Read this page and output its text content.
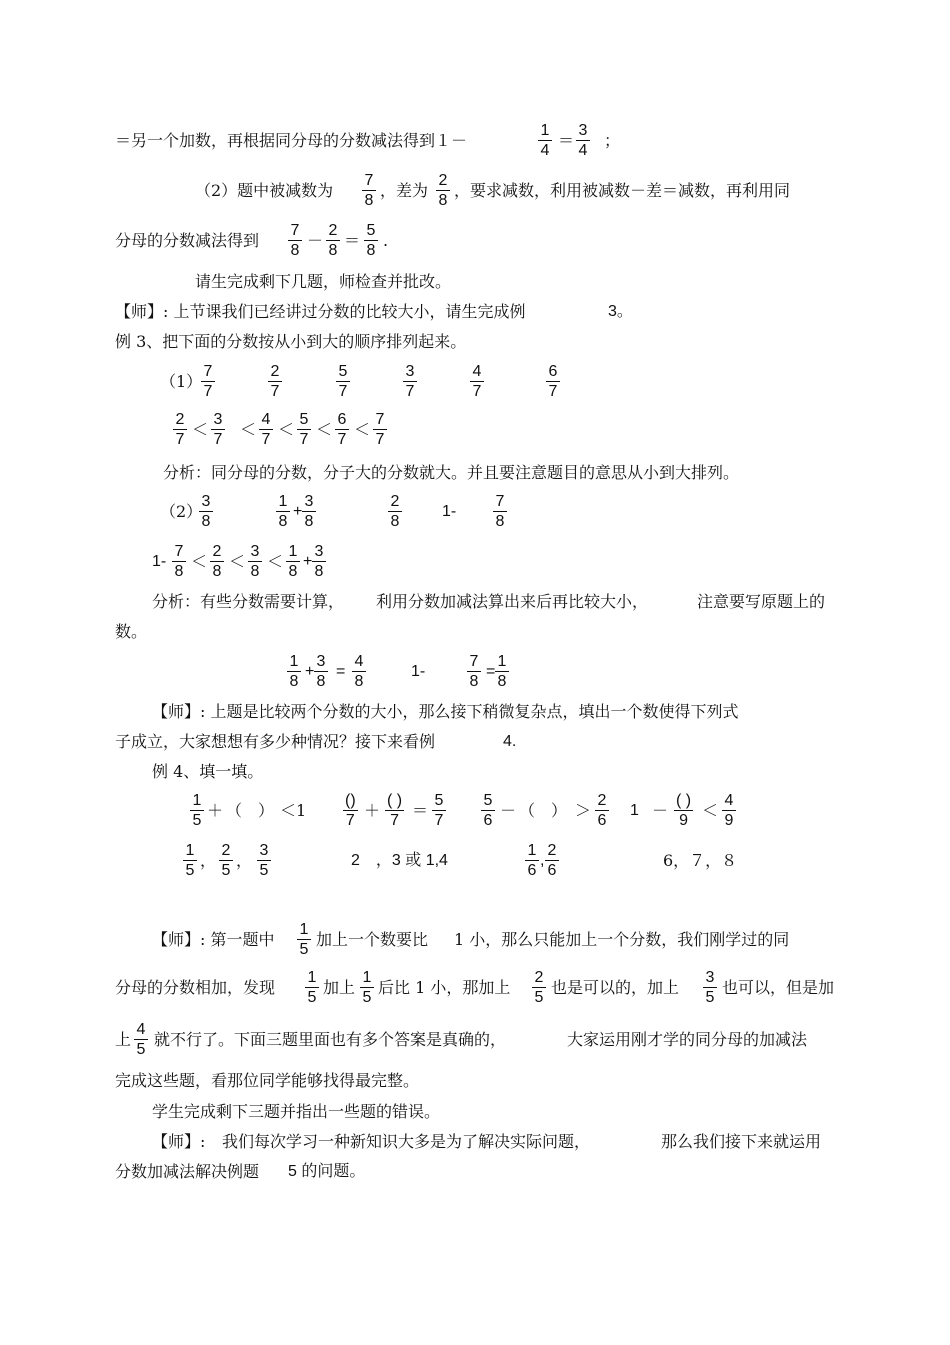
＝另一个加数，再根据同分母的分数减法得到１－
1
4
＝
3
4
；
（2）题中被减数为
7
8
，差为
2
8
，要求减数，利用被减数－差＝减数，再利用同
分母的分数减法得到
7
8
－
2
8
＝
5
8
.
请生完成剩下几题，师检查并批改。
【师】: 上节课我们已经讲过分数的比较大小，请生完成例	3。
例 3、把下面的分数按从小到大的顺序排列起来。
（1）
7
7
2
7
5
7
3
7
4
7
6
7
2
7
＜
3
7
＜
4
7
＜
5
7
＜
6
7
＜
7
7
分析：同分母的分数，分子大的分数就大。并且要注意题目的意思从小到大排列。
（2）
3
8
1
8
+
3
8
2
8
1-
7
8
1-
7
8
＜
2
8
＜
3
8
＜
1
8
+
3
8
分析：有些分数需要计算， 利用分数加减法算出来后再比较大小，	注意要写原题上的
数。
1
8
+
3
8
=
4
8
1-
7
8
=
1
8
【师】: 上题是比较两个分数的大小，那么接下稍微复杂点，填出一个数使得下列式
子成立，大家想想有多少种情况？接下来看例	4.
例 4、填一填。
1
5
＋ （　） ＜1
()
7
＋
( )
7
＝
5
7
5
6
－ （　） ＞
2
6
1 －
( )
9
＜
4
9
1
5
，
2
5
，
3
5
2　，3 或 1,4
1
6
,
2
6
6，７，８
【师】: 第一题中
1
5
加上一个数要比 1 小，那么只能加上一个分数，我们刚学过的同
分母的分数相加，发现
1
5
加上
1
5
后比 1 小，那加上
2
5
也是可以的，加上
3
5
也可以，但是加
上
4
5
就不行了。下面三题里面也有多个答案是真确的，	大家运用刚才学的同分母的加减法
完成这些题，看那位同学能够找得最完整。
学生完成剩下三题并指出一些题的错误。
【师】: 我们每次学习一种新知识大多是为了解决实际问题，	那么我们接下来就运用
分数加减法解决例题 5 的问题。
